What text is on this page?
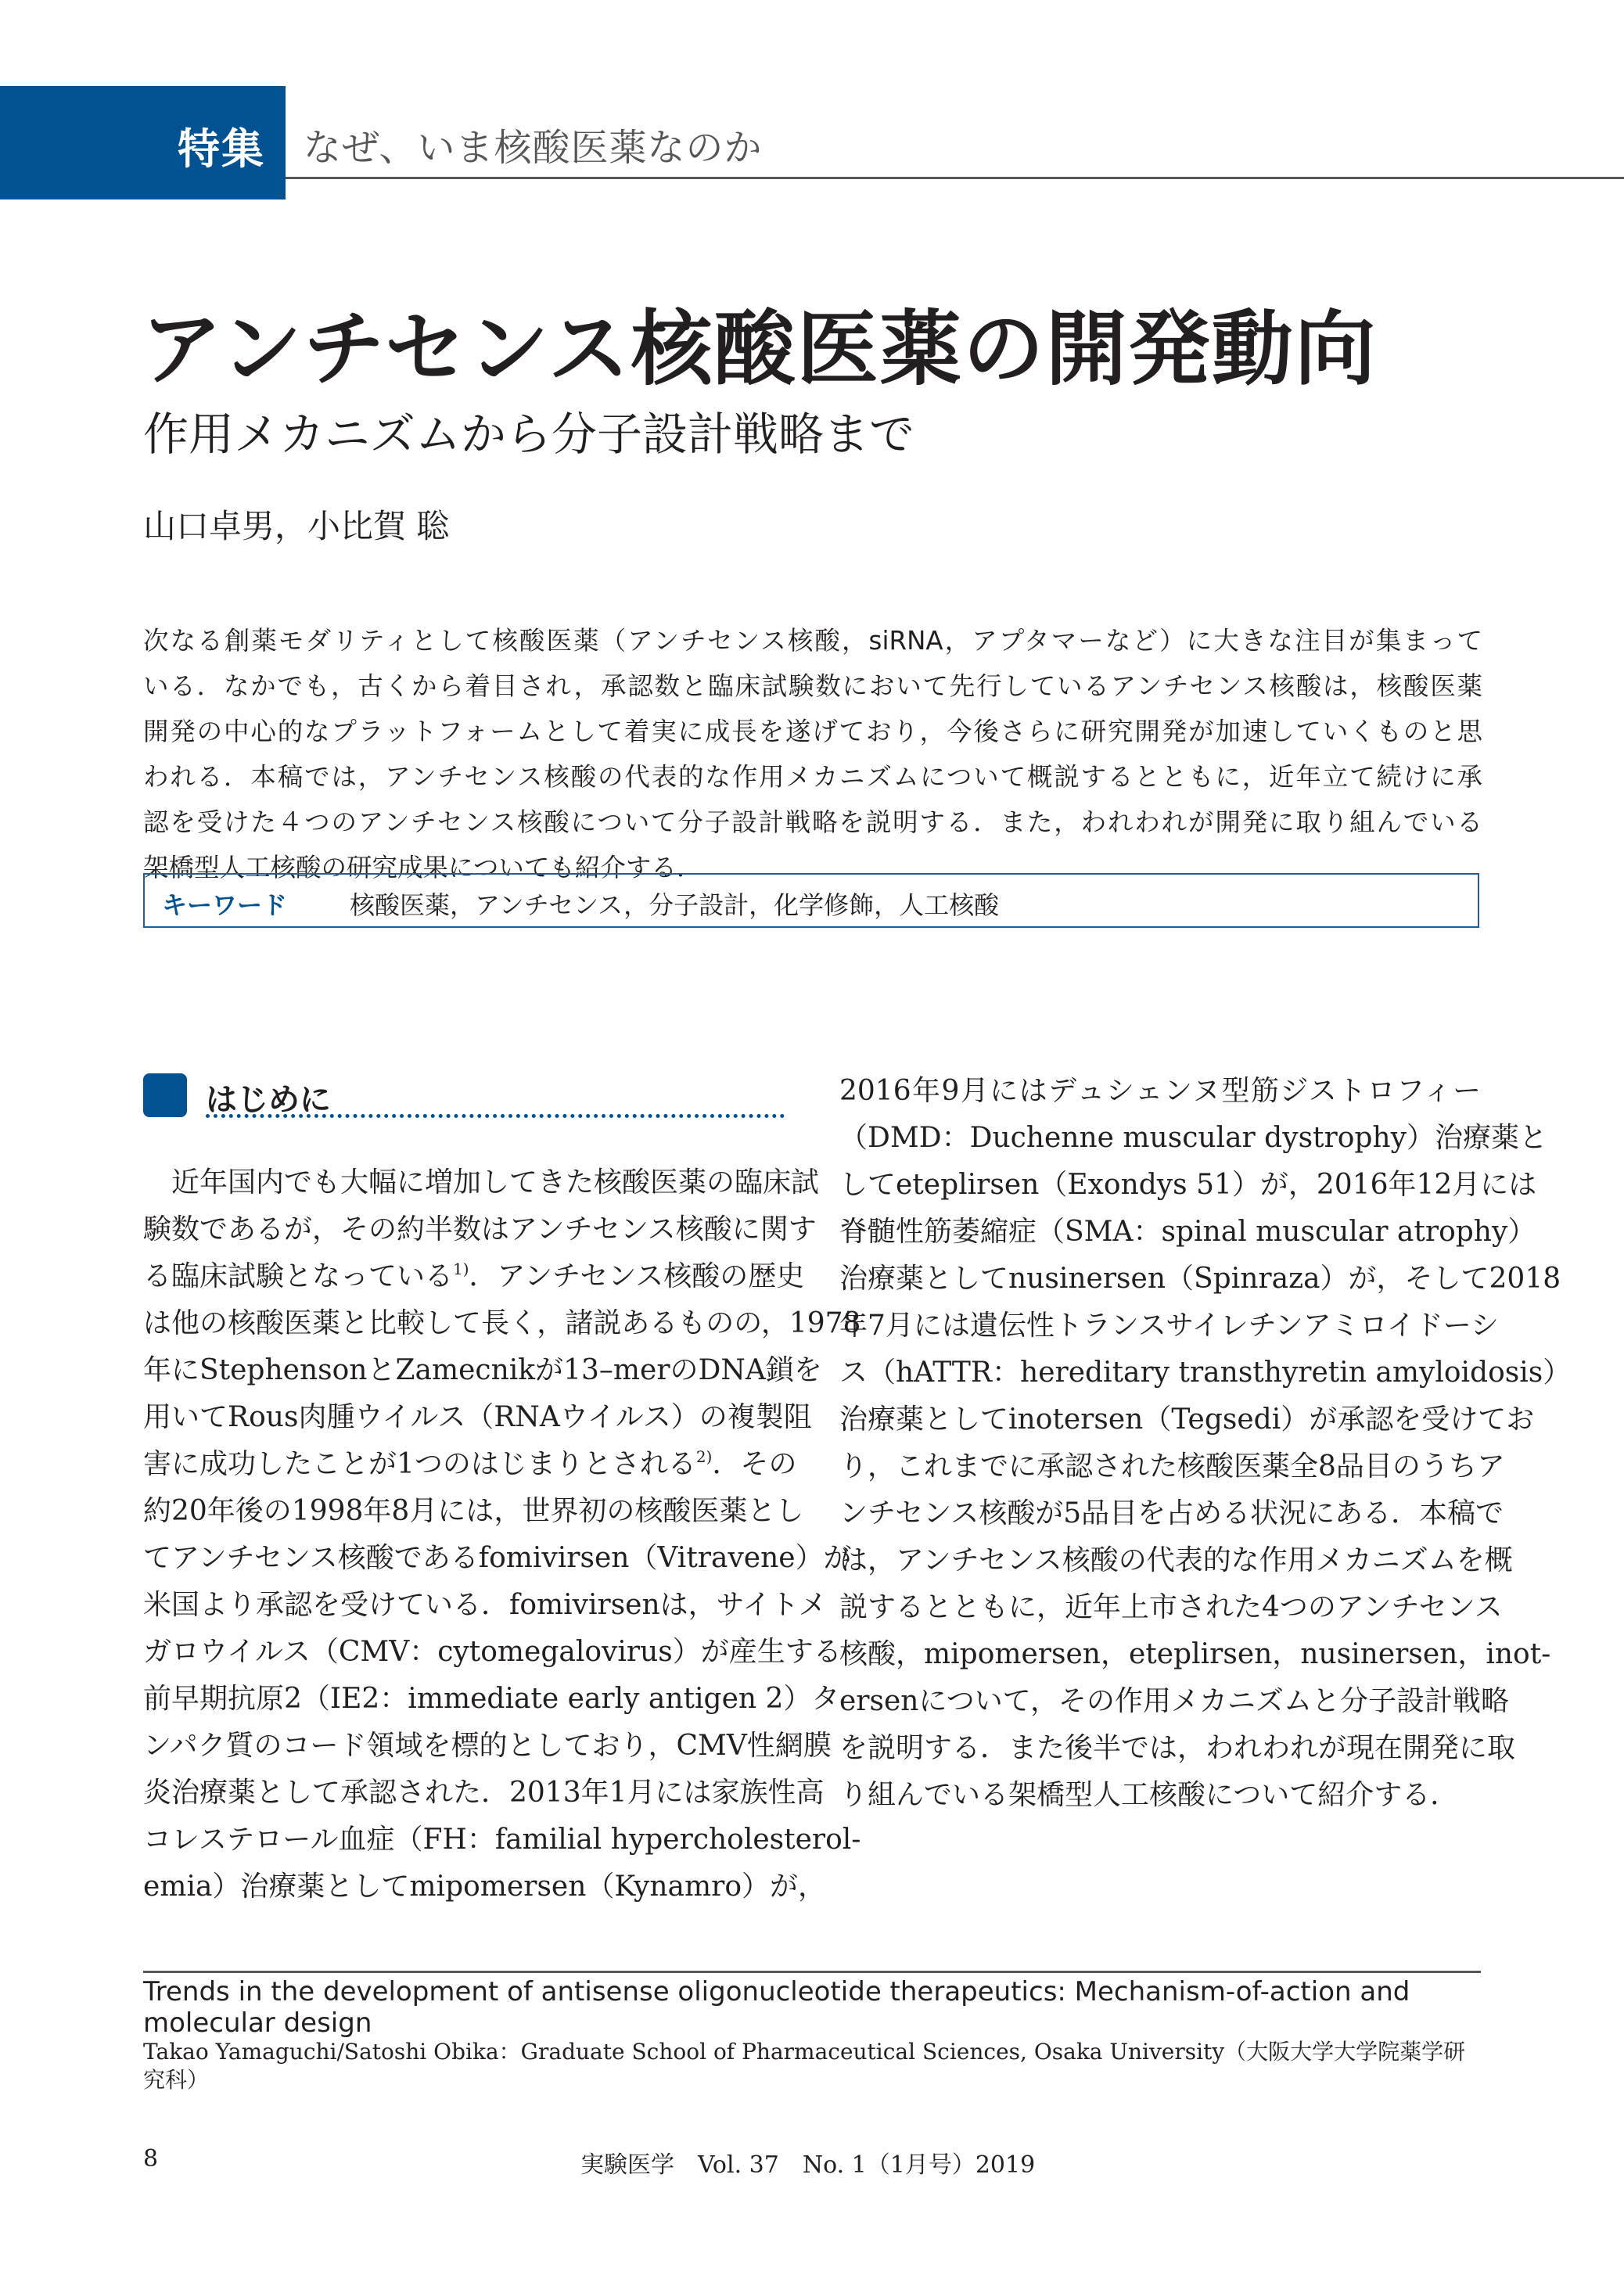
特集 なぜ、いま核酸医薬なのか
アンチセンス核酸医薬の開発動向
作用メカニズムから分子設計戦略まで
山口卓男，小比賀 聡
次なる創薬モダリティとして核酸医薬（アンチセンス核酸，siRNA，アプタマーなど）に大きな注目が集まって
いる．なかでも，古くから着目され，承認数と臨床試験数において先行しているアンチセンス核酸は，核酸医薬
開発の中心的なプラットフォームとして着実に成長を遂げており，今後さらに研究開発が加速していくものと思
われる．本稿では，アンチセンス核酸の代表的な作用メカニズムについて概説するとともに，近年立て続けに承
認を受けた４つのアンチセンス核酸について分子設計戦略を説明する．また，われわれが開発に取り組んでいる
架橋型人工核酸の研究成果についても紹介する．
キーワード 核酸医薬，アンチセンス，分子設計，化学修飾，人工核酸
はじめに
近年国内でも大幅に増加してきた核酸医薬の臨床試
験数であるが，その約半数はアンチセンス核酸に関す
る臨床試験となっている$^{1)}$．アンチセンス核酸の歴史
は他の核酸医薬と比較して長く，諸説あるものの，1978
年にStephensonとZamecnikが13–merのDNA鎖を
用いてRous肉腫ウイルス（RNAウイルス）の複製阻
害に成功したことが1つのはじまりとされる$^{2)}$．その
約20年後の1998年8月には，世界初の核酸医薬とし
てアンチセンス核酸であるfomivirsen（Vitravene）が
米国より承認を受けている．fomivirsenは，サイトメ
ガロウイルス（CMV：cytomegalovirus）が産生する
前早期抗原2（IE2：immediate early antigen 2）タ
ンパク質のコード領域を標的としており，CMV性網膜
炎治療薬として承認された．2013年1月には家族性高
コレステロール血症（FH：familial hypercholesterol-
emia）治療薬としてmipomersen（Kynamro）が，
2016年9月にはデュシェンヌ型筋ジストロフィー
（DMD：Duchenne muscular dystrophy）治療薬と
してeteplirsen（Exondys 51）が，2016年12月には
脊髄性筋萎縮症（SMA：spinal muscular atrophy）
治療薬としてnusinersen（Spinraza）が，そして2018
年7月には遺伝性トランスサイレチンアミロイドーシ
ス（hATTR：hereditary transthyretin amyloidosis）
治療薬としてinotersen（Tegsedi）が承認を受けてお
り，これまでに承認された核酸医薬全8品目のうちア
ンチセンス核酸が5品目を占める状況にある．本稿で
は，アンチセンス核酸の代表的な作用メカニズムを概
説するとともに，近年上市された4つのアンチセンス
核酸，mipomersen，eteplirsen，nusinersen，inot-
ersenについて，その作用メカニズムと分子設計戦略
を説明する．また後半では，われわれが現在開発に取
り組んでいる架橋型人工核酸について紹介する．
Trends in the development of antisense oligonucleotide therapeutics: Mechanism-of-action and molecular design
Takao Yamaguchi/Satoshi Obika：Graduate School of Pharmaceutical Sciences, Osaka University（大阪大学大学院薬学研究科）
8	実験医学　Vol. 37　No. 1（1月号）2019
